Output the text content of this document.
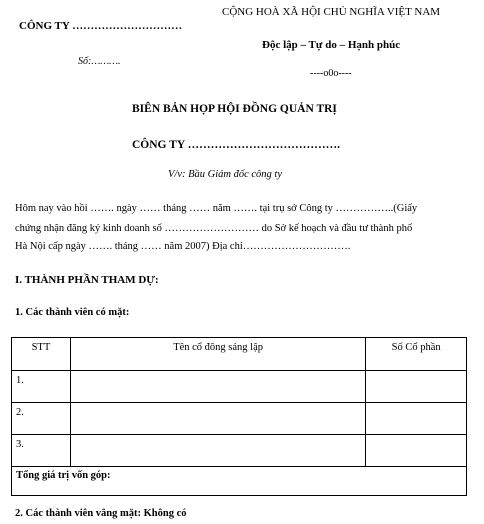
CÔNG TY …………………………
CỘNG HOÀ XÃ HỘI CHỦ NGHĨA VIỆT NAM
Độc lập – Tự do – Hạnh phúc
----o0o----
Số:……….
BIÊN BẢN HỌP HỘI ĐỒNG QUẢN TRỊ
CÔNG TY ………………………………….
V/v: Bầu Giám đốc công ty
Hôm nay vào hồi ……. ngày …… tháng …… năm ……. tại trụ sở Công ty ……………..(Giấy
chứng nhận đăng ký kinh doanh số ……………………… do Sở kế hoạch và đầu tư thành phố
Hà Nội cấp ngày ……. tháng …… năm 2007) Địa chỉ………………………….
I. THÀNH PHẦN THAM DỰ:
1. Các thành viên có mặt:
STT	Tên cổ đông sáng lập	Số Cổ phần
1.		
2.		
3.		
Tổng giá trị vốn góp:		
2. Các thành viên vắng mặt: Không có
